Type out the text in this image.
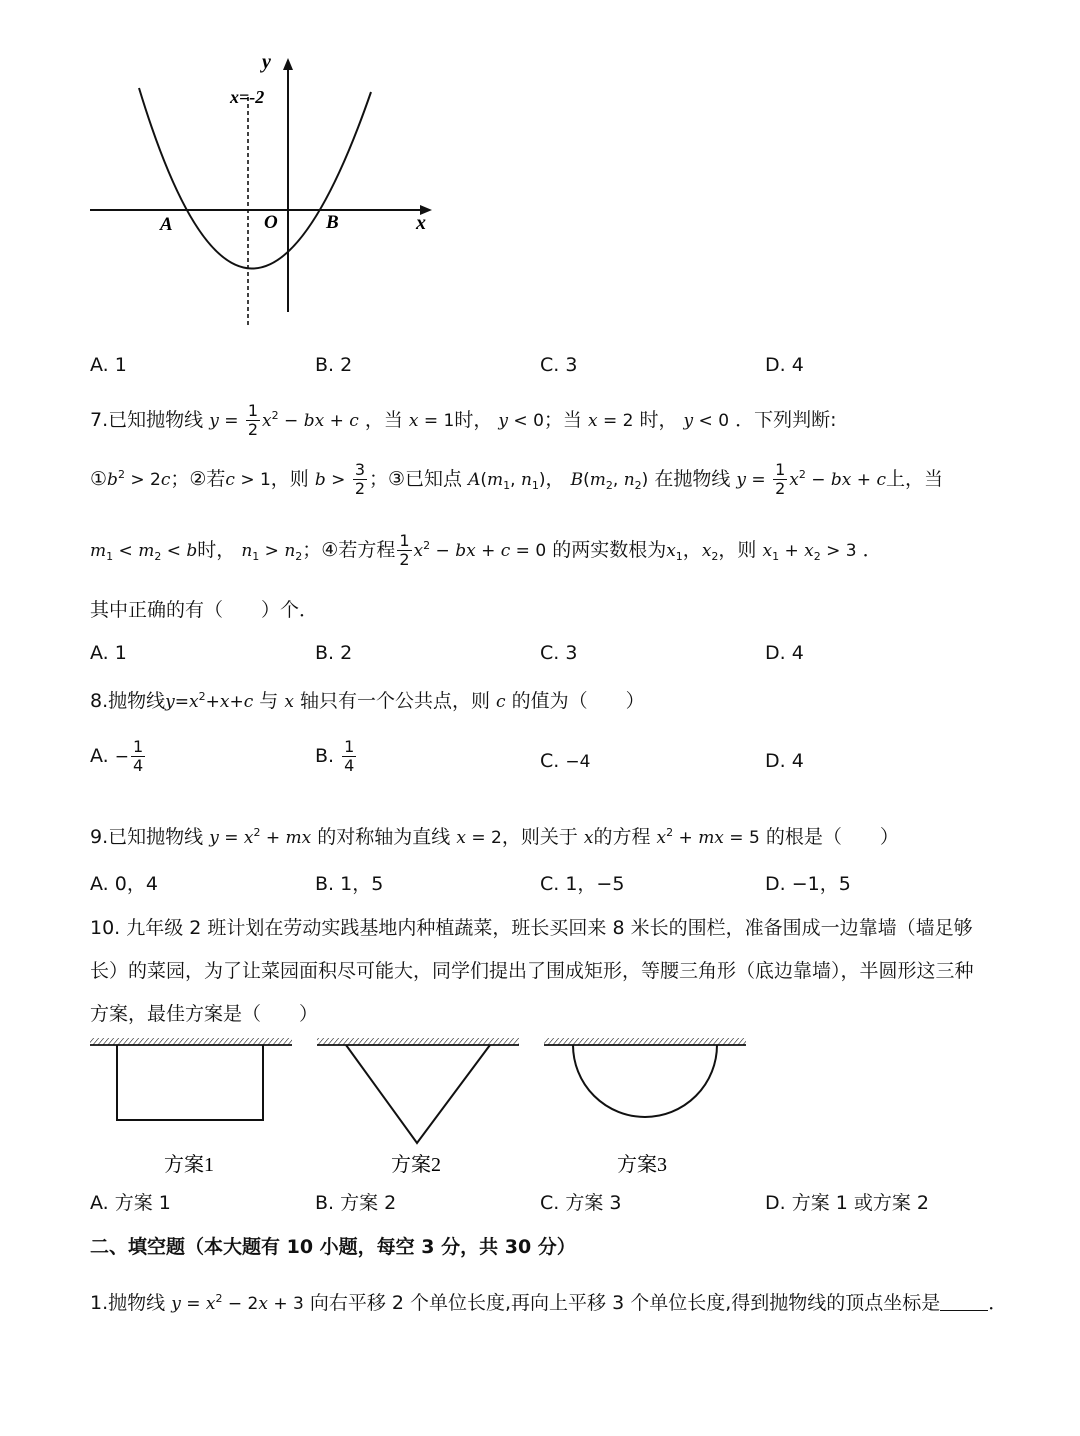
y
x
x=-2
A	O	B
A. 1	B. 2	C. 3	D. 4
7.已知抛物线 $y = \frac{1}{2} x^2$ − bx + c ，当 x = 1时， y < 0；当 x = 2 时， y < 0 ．下列判断:
$①b^2 > 2c$；②若c > 1，则 $b > \frac{3}{2}$ ；③已知点 $A(m_1$, $n_1$)， $B(m_2$, $n_2$) 在抛物线 $y = \frac{1}{2} x^2$ − bx + c上，当
$m_1 < m_2 < b$时， $n_1 > n_2$；④若方程 $\frac{1}{2} x^2$ − bx + c = 0 的两实数根为$x_1$，$x_2$，则 $x_1 + x_2 > 3$ ．
其中正确的有（　　）个．
A. 1	B. 2	C. 3	D. 4
8.抛物线$y=x^2+x+c$ 与 x 轴只有一个公共点，则 c 的值为（　　）
A. − $\frac{1}{4}$	B. $\frac{1}{4}$	C. −4	D. 4
9.已知抛物线 $y = x^2$ + mx 的对称轴为直线 x = 2，则关于 x的方程 $x^2$ + mx = 5 的根是（　　）
A. 0，4	B. 1，5	C. 1，−5	D. −1，5
10. 九年级 2 班计划在劳动实践基地内种植蔬菜，班长买回来 8 米长的围栏，准备围成一边靠墙（墙足够
长）的菜园，为了让菜园面积尽可能大，同学们提出了围成矩形，等腰三角形（底边靠墙），半圆形这三种
方案，最佳方案是（　　）
方案1	方案2	方案3
A. 方案 1	B. 方案 2	C. 方案 3	D. 方案 1 或方案 2
二、填空题（本大题有 10 小题，每空 3 分，共 30 分）
1.抛物线 $y = x^2 - 2x + 3$ 向右平移 2 个单位长度,再向上平移 3 个单位长度,得到抛物线的顶点坐标是	．
